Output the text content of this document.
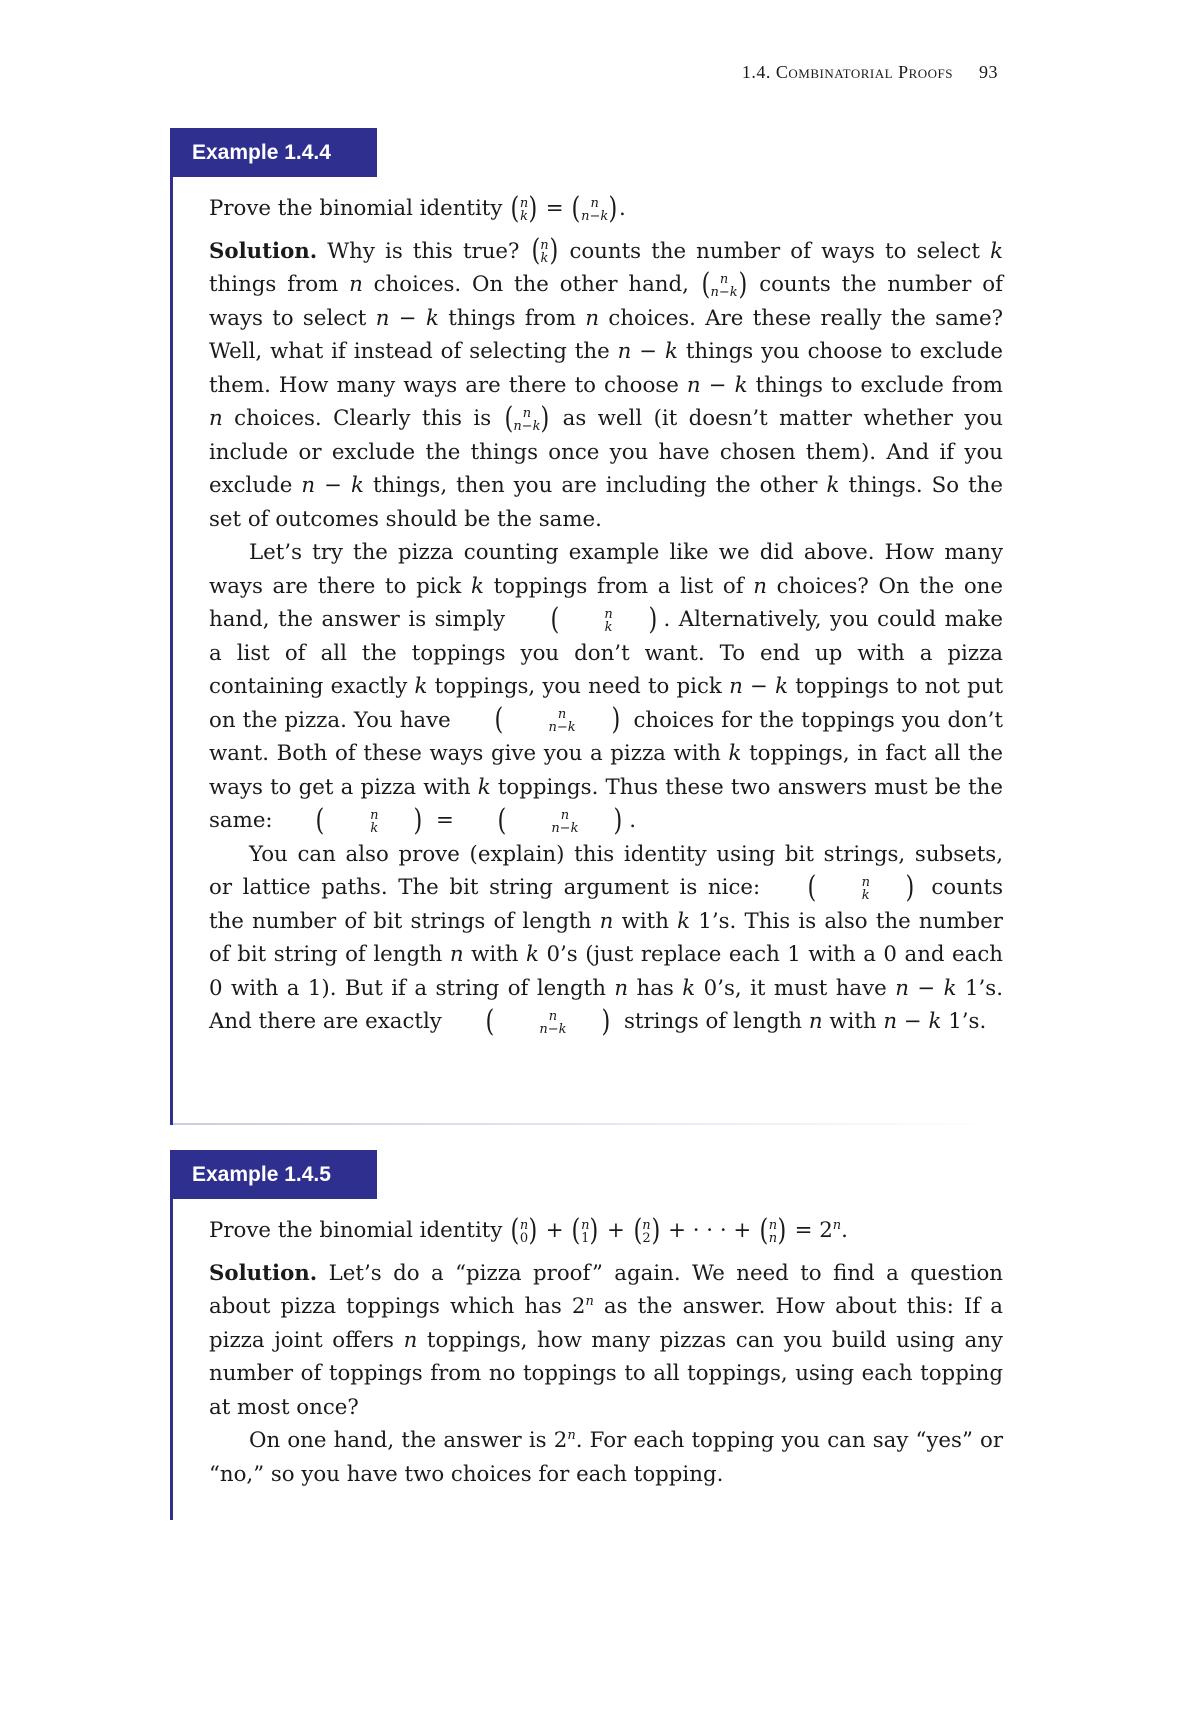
1.4. Combinatorial Proofs 93
Example 1.4.4

Prove the binomial identity ( n
k ) = ( n
n−k ) .

Solution. Why is this true? ( n
k ) counts the number of ways to select k things from n choices. On the other hand, ( n
n−k ) counts the number of ways to select n − k things from n choices. Are these really the same? Well, what if instead of selecting the n − k things you choose to exclude them. How many ways are there to choose n − k things to exclude from n choices. Clearly this is ( n
n−k ) as well (it doesn’t matter whether you include or exclude the things once you have chosen them). And if you exclude n − k things, then you are including the other k things. So the set of outcomes should be the same.

Let’s try the pizza counting example like we did above. How many ways are there to pick k toppings from a list of n choices? On the one hand, the answer is simply	(	n
k	) . Alternatively, you could make a list of all the toppings you don’t want. To end up with a pizza containing exactly k toppings, you need to pick n − k toppings to not put on the pizza. You have	(	n
n−k	) choices for the toppings you don’t want. Both of these ways give you a pizza with k toppings, in fact all the ways to get a pizza with k toppings. Thus these two answers must be the same:	(	n
k	) =	(	n
n−k	) .

You can also prove (explain) this identity using bit strings, subsets, or lattice paths. The bit string argument is nice:	(	n
k	) counts the number of bit strings of length n with k 1’s. This is also the number of bit string of length n with k 0’s (just replace each 1 with a 0 and each 0 with a 1). But if a string of length n has k 0’s, it must have n − k 1’s. And there are exactly	(	n
n−k	) strings of length n with n − k 1’s.

Example 1.4.5

Prove the binomial identity ( n
0 ) + ( n
1 ) + ( n
2 ) + · · · + ( n
n ) = $2^n$.

Solution. Let’s do a “pizza proof” again. We need to find a question about pizza toppings which has 2$^n$ as the answer. How about this: If a pizza joint offers n toppings, how many pizzas can you build using any number of toppings from no toppings to all toppings, using each topping at most once?

On one hand, the answer is 2$^n$. For each topping you can say “yes” or “no,” so you have two choices for each topping.
